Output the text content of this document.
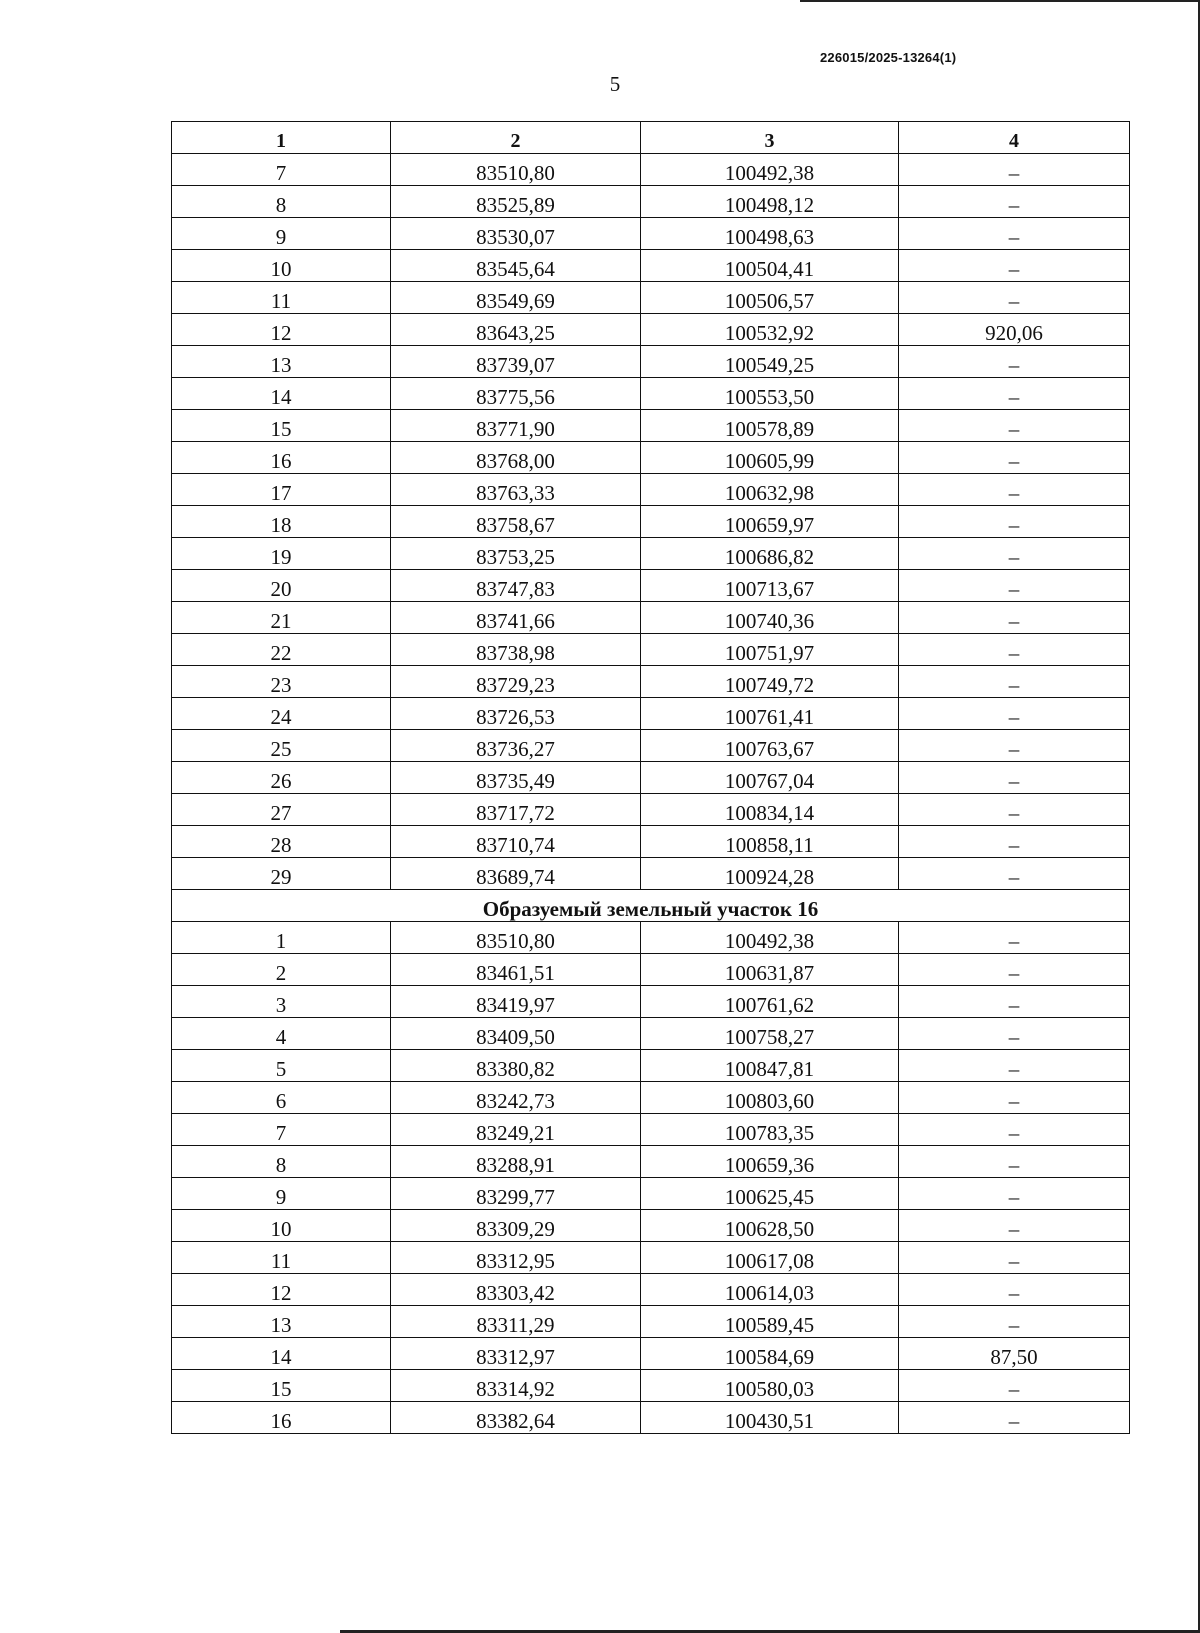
226015/2025-13264(1)
5
1	2	3	4
7	83510,80	100492,38	–
8	83525,89	100498,12	–
9	83530,07	100498,63	–
10	83545,64	100504,41	–
11	83549,69	100506,57	–
12	83643,25	100532,92	920,06
13	83739,07	100549,25	–
14	83775,56	100553,50	–
15	83771,90	100578,89	–
16	83768,00	100605,99	–
17	83763,33	100632,98	–
18	83758,67	100659,97	–
19	83753,25	100686,82	–
20	83747,83	100713,67	–
21	83741,66	100740,36	–
22	83738,98	100751,97	–
23	83729,23	100749,72	–
24	83726,53	100761,41	–
25	83736,27	100763,67	–
26	83735,49	100767,04	–
27	83717,72	100834,14	–
28	83710,74	100858,11	–
29	83689,74	100924,28	–
Образуемый земельный участок 16			
1	83510,80	100492,38	–
2	83461,51	100631,87	–
3	83419,97	100761,62	–
4	83409,50	100758,27	–
5	83380,82	100847,81	–
6	83242,73	100803,60	–
7	83249,21	100783,35	–
8	83288,91	100659,36	–
9	83299,77	100625,45	–
10	83309,29	100628,50	–
11	83312,95	100617,08	–
12	83303,42	100614,03	–
13	83311,29	100589,45	–
14	83312,97	100584,69	87,50
15	83314,92	100580,03	–
16	83382,64	100430,51	–
